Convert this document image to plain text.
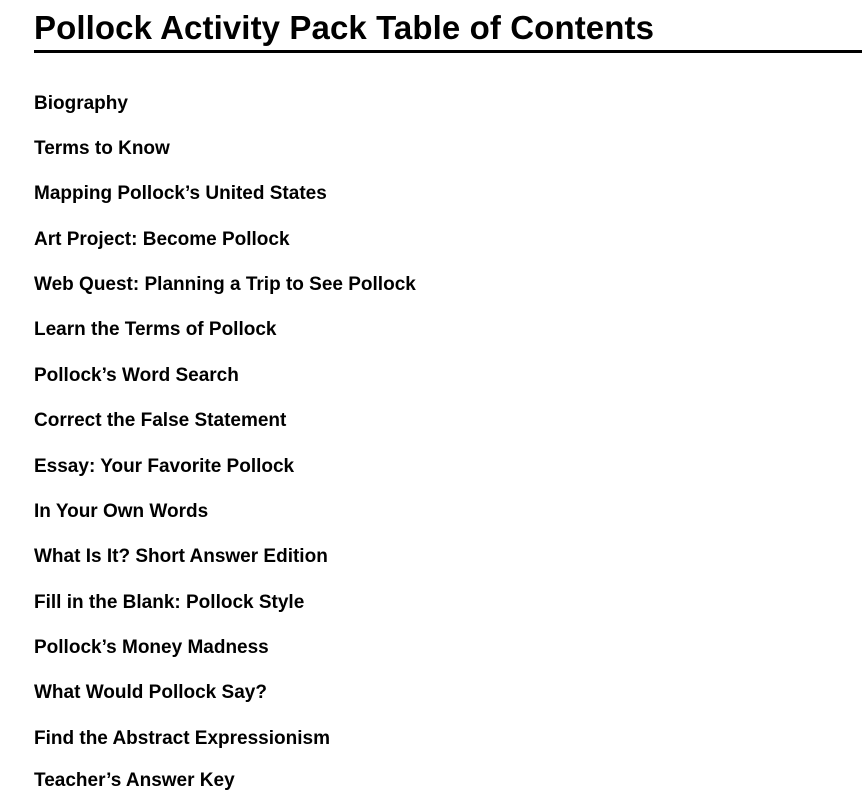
Pollock Activity Pack Table of Contents
Biography
Terms to Know
Mapping Pollock’s United States
Art Project: Become Pollock
Web Quest: Planning a Trip to See Pollock
Learn the Terms of Pollock
Pollock’s Word Search
Correct the False Statement
Essay: Your Favorite Pollock
In Your Own Words
What Is It? Short Answer Edition
Fill in the Blank: Pollock Style
Pollock’s Money Madness
What Would Pollock Say?
Find the Abstract Expressionism
Teacher’s Answer Key
